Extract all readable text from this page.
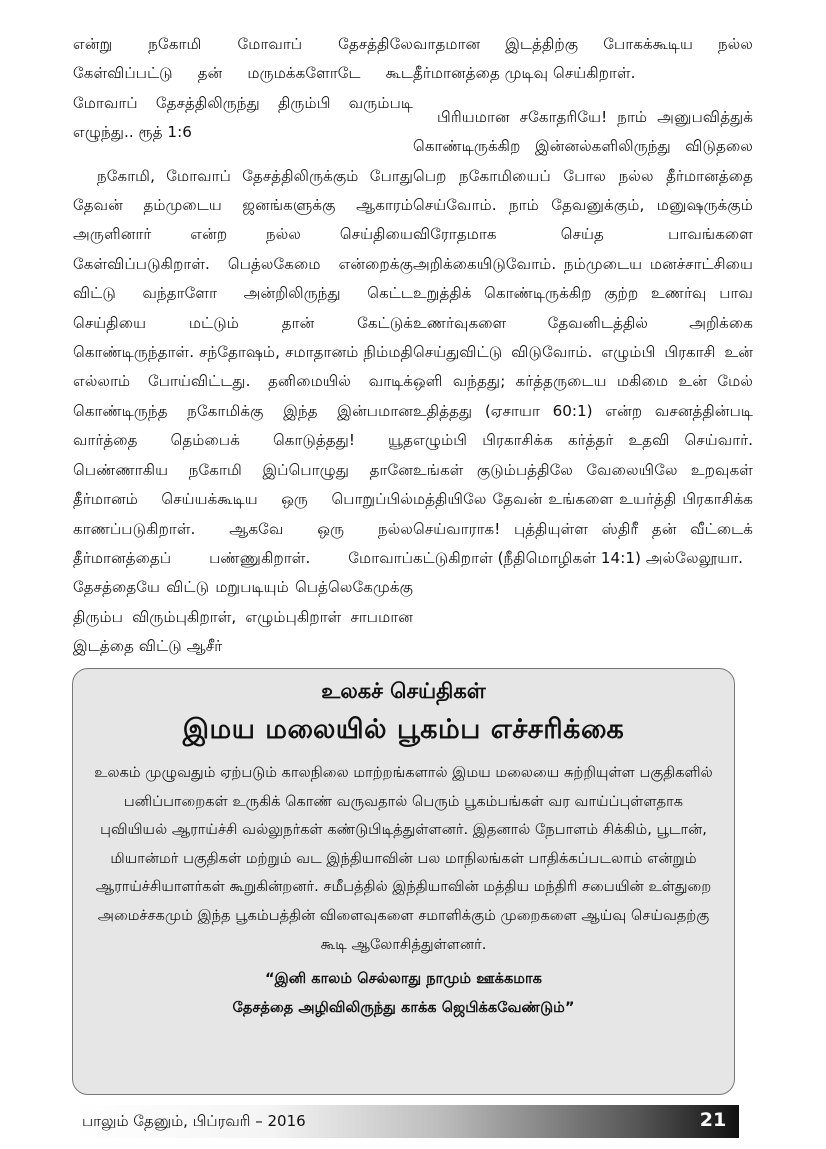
என்று நகோமி மோவாப் தேசத்திலே கேள்விப்பட்டு தன் மருமக்களோடே கூட மோவாப் தேசத்திலிருந்து திரும்பி வரும்படி எழுந்து.. ரூத் 1:6

நகோமி, மோவாப் தேசத்திலிருக்கும் போது தேவன் தம்முடைய ஜனங்களுக்கு ஆகாரம் அருளினார் என்ற நல்ல செய்தியை கேள்விப்படுகிறாள். பெத்லகேமை என்றைக்கு விட்டு வந்தாளோ அன்றிலிருந்து கெட்ட செய்தியை மட்டும் தான் கேட்டுக் கொண்டிருந்தாள். சந்தோஷம், சமாதானம் நிம்மதி எல்லாம் போய்விட்டது. தனிமையில் வாடிக் கொண்டிருந்த நகோமிக்கு இந்த இன்பமான வார்த்தை தெம்பைக் கொடுத்தது! யூத பெண்ணாகிய நகோமி இப்பொழுது தானே தீர்மானம் செய்யக்கூடிய ஒரு பொறுப்பில் காணப்படுகிறாள். ஆகவே ஒரு நல்ல தீர்மானத்தைப் பண்ணுகிறாள். மோவாப் தேசத்தையே விட்டு மறுபடியும் பெத்லெகேமுக்கு திரும்ப விரும்புகிறாள், எழும்புகிறாள் சாபமான இடத்தை விட்டு ஆசீர்

வாதமான இடத்திற்கு போகக்கூடிய நல்ல தீர்மானத்தை முடிவு செய்கிறாள்.

பிரியமான சகோதரியே! நாம் அனுபவித்துக் கொண்டிருக்கிற இன்னல்களிலிருந்து விடுதலை பெற நகோமியைப் போல நல்ல தீர்மானத்தை செய்வோம். நாம் தேவனுக்கும், மனுஷருக்கும் விரோதமாக செய்த பாவங்களை அறிக்கையிடுவோம். நம்முடைய மனச்சாட்சியை உறுத்திக் கொண்டிருக்கிற குற்ற உணர்வு பாவ உணர்வுகளை தேவனிடத்தில் அறிக்கை செய்துவிட்டு விடுவோம். எழும்பி பிரகாசி உன் ஒளி வந்தது; கர்த்தருடைய மகிமை உன் மேல் உதித்தது (ஏசாயா 60:1) என்ற வசனத்தின்படி எழும்பி பிரகாசிக்க கர்த்தர் உதவி செய்வார். உங்கள் குடும்பத்திலே வேலையிலே உறவுகள் மத்தியிலே தேவன் உங்களை உயர்த்தி பிரகாசிக்க செய்வாராக! புத்தியுள்ள ஸ்திரீ தன் வீட்டைக் கட்டுகிறாள் (நீதிமொழிகள் 14:1) அல்லேலூயா.

உலகச் செய்திகள்
இமய மலையில் பூகம்ப எச்சரிக்கை
உலகம் முழுவதும் ஏற்படும் காலநிலை மாற்றங்களால் இமய மலையை சுற்றியுள்ள பகுதிகளில் பனிப்பாறைகள் உருகிக் கொண் வருவதால் பெரும் பூகம்பங்கள் வர வாய்ப்புள்ளதாக புவியியல் ஆராய்ச்சி வல்லுநர்கள் கண்டுபிடித்துள்ளனர். இதனால் நேபாளம் சிக்கிம், பூடான், மியான்மர் பகுதிகள் மற்றும் வட இந்தியாவின் பல மாநிலங்கள் பாதிக்கப்படலாம் என்றும் ஆராய்ச்சியாளர்கள் கூறுகின்றனர். சமீபத்தில் இந்தியாவின் மத்திய மந்திரி சபையின் உள்துறை அமைச்சகமும் இந்த பூகம்பத்தின் விளைவுகளை சமாளிக்கும் முறைகளை ஆய்வு செய்வதற்கு கூடி ஆலோசித்துள்ளனர்.
“இனி காலம் செல்லாது நாமும் ஊக்கமாக
தேசத்தை அழிவிலிருந்து காக்க ஜெபிக்கவேண்டும்”
பாலும் தேனும், பிப்ரவரி – 2016	21
